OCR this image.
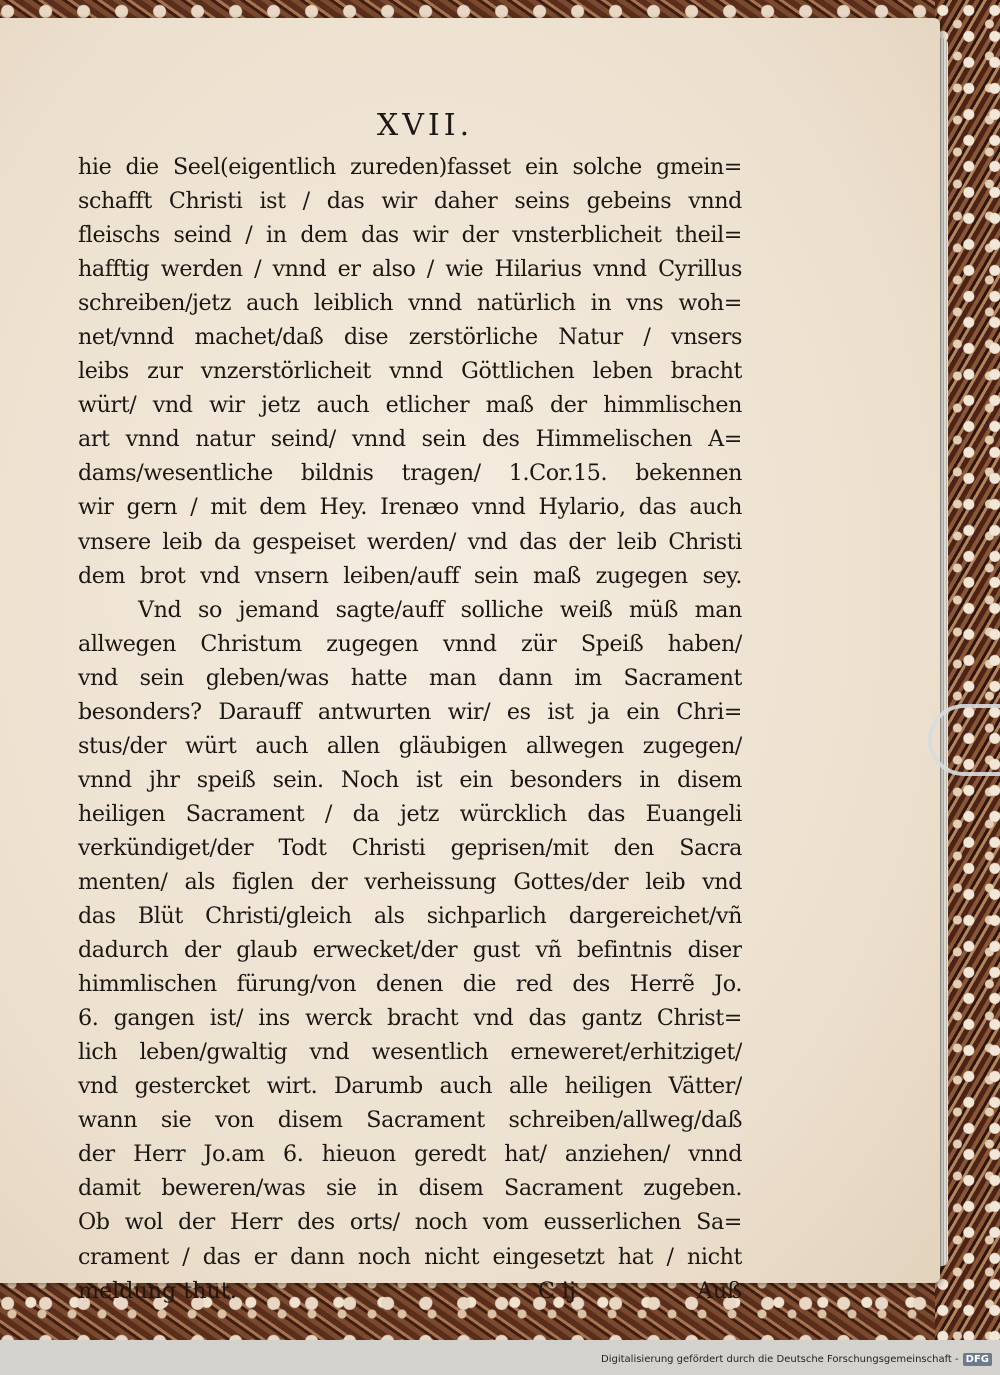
XVII.
hie die Seel(eigentlich zureden)fasset ein solche gmein=
schafft Christi ist / das wir daher seins gebeins vnnd
fleischs seind / in dem das wir der vnsterblicheit theil=
hafftig werden / vnnd er also / wie Hilarius vnnd Cyrillus
schreiben/jetz auch leiblich vnnd natürlich in vns woh=
net/vnnd machet/daß dise zerstörliche Natur / vnsers
leibs zur vnzerstörlicheit vnnd Göttlichen leben bracht
würt/ vnd wir jetz auch etlicher maß der himmlischen
art vnnd natur seind/ vnnd sein des Himmelischen A=
dams/wesentliche bildnis tragen/ 1.Cor.15. bekennen
wir gern / mit dem Hey. Irenæo vnnd Hylario, das auch
vnsere leib da gespeiset werden/ vnd das der leib Christi
dem brot vnd vnsern leiben/auff sein maß zugegen sey.
Vnd so jemand sagte/auff solliche weiß müß man
allwegen Christum zugegen vnnd zür Speiß haben/
vnd sein gleben/was hatte man dann im Sacrament
besonders? Darauff antwurten wir/ es ist ja ein Chri=
stus/der würt auch allen gläubigen allwegen zugegen/
vnnd jhr speiß sein. Noch ist ein besonders in disem
heiligen Sacrament / da jetz würcklich das Euangeli
verkündiget/der Todt Christi geprisen/mit den Sacra
menten/ als figlen der verheissung Gottes/der leib vnd
das Blüt Christi/gleich als sichparlich dargereichet/vñ
dadurch der glaub erwecket/der gust vñ befintnis diser
himmlischen fürung/von denen die red des Herrẽ Jo.
6. gangen ist/ ins werck bracht vnd das gantz Christ=
lich leben/gwaltig vnd wesentlich erneweret/erhitziget/
vnd gestercket wirt. Darumb auch alle heiligen Vätter/
wann sie von disem Sacrament schreiben/allweg/daß
der Herr Jo.am 6. hieuon geredt hat/ anziehen/ vnnd
damit beweren/was sie in disem Sacrament zugeben.
Ob wol der Herr des orts/ noch vom eusserlichen Sa=
crament / das er dann noch nicht eingesetzt hat / nicht
meldung thut.	C ij	Auß
Digitalisierung gefördert durch die Deutsche Forschungsgemeinschaft - DFG
